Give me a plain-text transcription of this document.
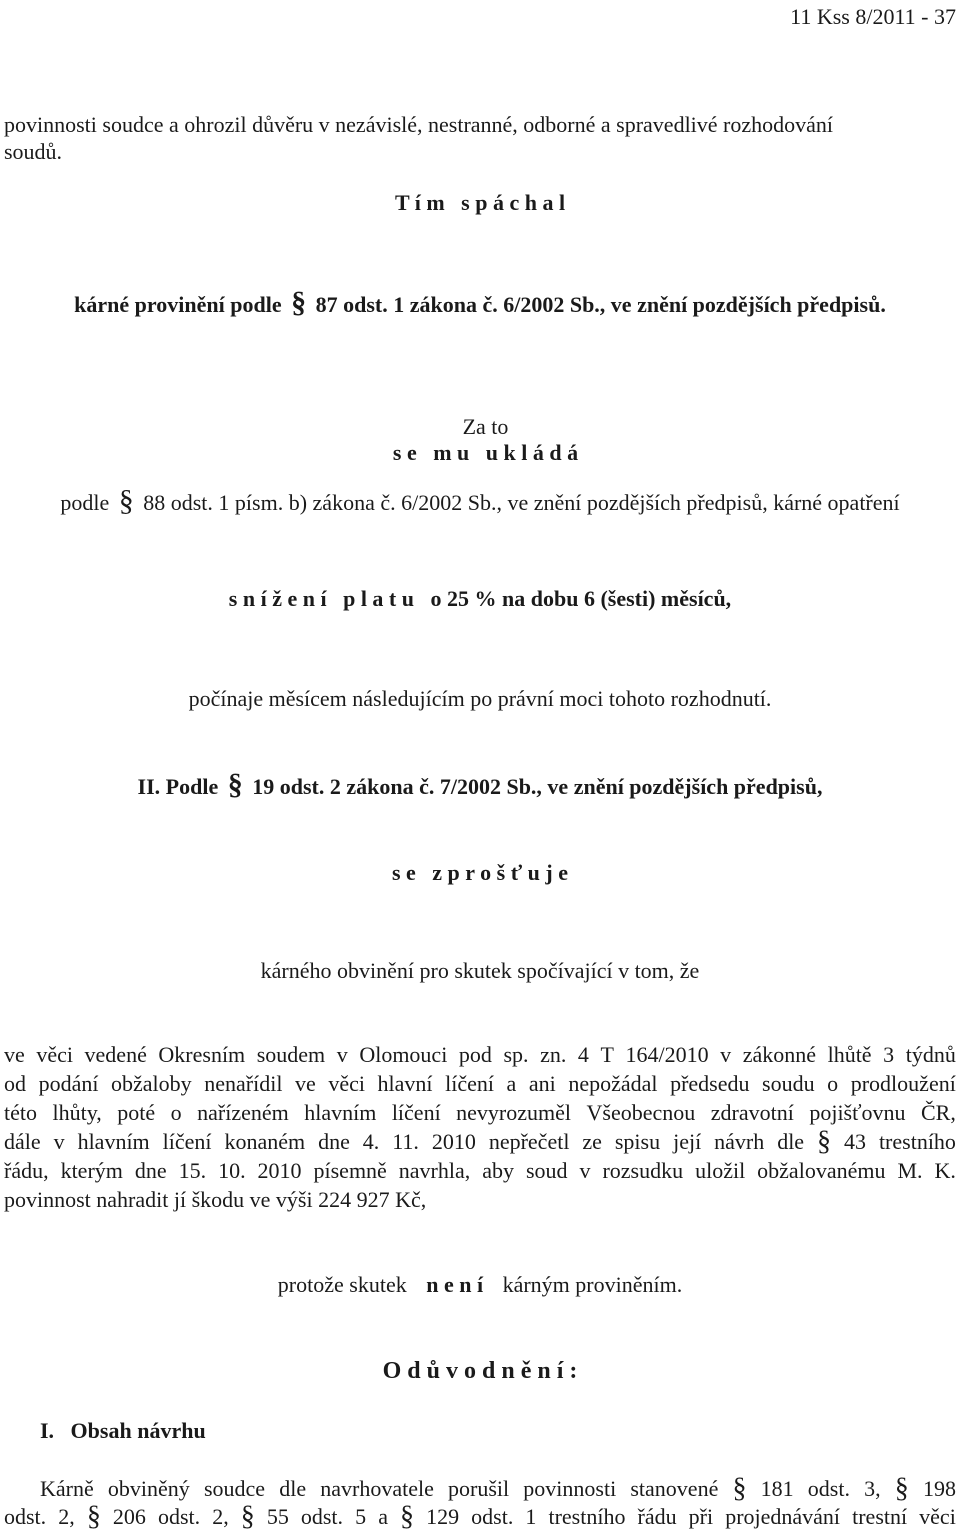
11 Kss 8/2011 - 37
povinnosti soudce a ohrozil důvěru v nezávislé, nestranné, odborné a spravedlivé rozhodování
soudů.
T í m   s p á c h a l
kárné provinění podle § 87 odst. 1 zákona č. 6/2002 Sb., ve znění pozdějších předpisů.

Za to
s e   m u   u k l á d á

podle § 88 odst. 1 písm. b) zákona č. 6/2002 Sb., ve znění pozdějších předpisů, kárné opatření
s n í ž e n í   p l a t u   o 25 % na dobu 6 (šesti) měsíců,
počínaje měsícem následujícím po právní moci tohoto rozhodnutí.
II. Podle § 19 odst. 2 zákona č. 7/2002 Sb., ve znění pozdějších předpisů,
s e   z p r o š ť u j e
kárného obvinění pro skutek spočívající v tom, že
ve věci vedené Okresním soudem v Olomouci pod sp. zn. 4 T 164/2010 v zákonné lhůtě 3 týdnů
od podání obžaloby nenařídil ve věci hlavní líčení a ani nepožádal předsedu soudu o prodloužení
této lhůty, poté o nařízeném hlavním líčení nevyrozuměl Všeobecnou zdravotní pojišťovnu ČR,
dále v hlavním líčení konaném dne 4. 11. 2010 nepřečetl ze spisu její návrh dle § 43 trestního
řádu, kterým dne 15. 10. 2010 písemně navrhla, aby soud v rozsudku uložil obžalovanému M. K.
povinnost nahradit jí škodu ve výši 224 927 Kč,
protože skutek n e n í kárným proviněním.
O d ů v o d n ě n í :
I.   Obsah návrhu
Kárně obviněný soudce dle navrhovatele porušil povinnosti stanovené § 181 odst. 3, § 198
odst. 2, § 206 odst. 2, § 55 odst. 5 a § 129 odst. 1 trestního řádu při projednávání trestní věci
